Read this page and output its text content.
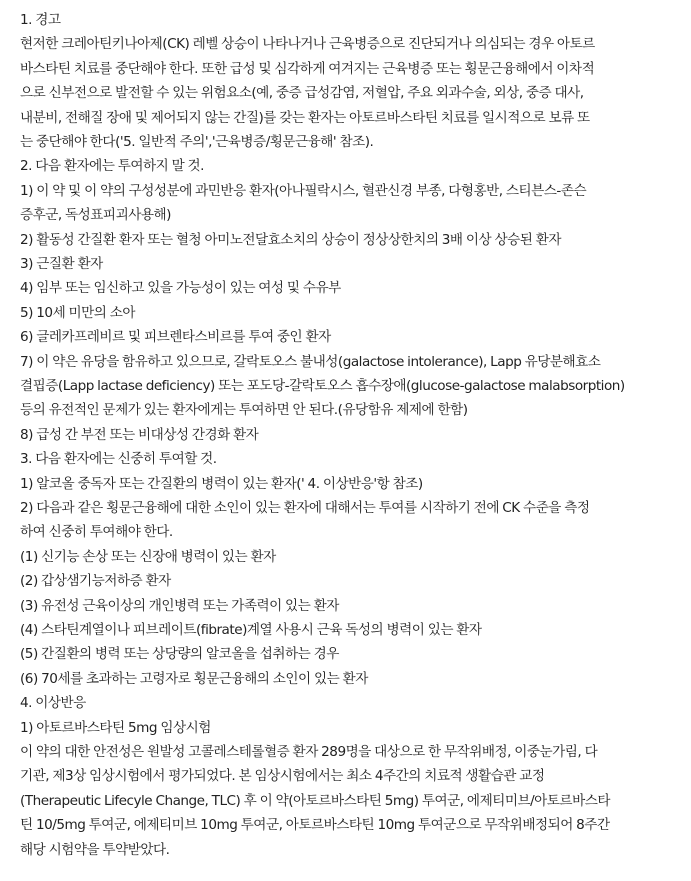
1. 경고
현저한 크레아틴키나아제(CK) 레벨 상승이 나타나거나 근육병증으로 진단되거나 의심되는 경우 아토르
바스타틴 치료를 중단해야 한다. 또한 급성 및 심각하게 여겨지는 근육병증 또는 횡문근융해에서 이차적
으로 신부전으로 발전할 수 있는 위험요소(예, 중증 급성감염, 저혈압, 주요 외과수술, 외상, 중증 대사,
내분비, 전해질 장애 및 제어되지 않는 간질)를 갖는 환자는 아토르바스타틴 치료를 일시적으로 보류 또
는 중단해야 한다('5. 일반적 주의','근육병증/횡문근융해' 참조).
2. 다음 환자에는 투여하지 말 것.
1) 이 약 및 이 약의 구성성분에 과민반응 환자(아나필락시스, 혈관신경 부종, 다형홍반, 스티븐스-존슨
증후군, 독성표피괴사용해)
2) 활동성 간질환 환자 또는 혈청 아미노전달효소치의 상승이 정상상한치의 3배 이상 상승된 환자
3) 근질환 환자
4) 임부 또는 임신하고 있을 가능성이 있는 여성 및 수유부
5) 10세 미만의 소아
6) 글레카프레비르 및 피브렌타스비르를 투여 중인 환자
7) 이 약은 유당을 함유하고 있으므로, 갈락토오스 불내성(galactose intolerance), Lapp 유당분해효소
결핍증(Lapp lactase deficiency) 또는 포도당-갈락토오스 흡수장애(glucose-galactose malabsorption)
등의 유전적인 문제가 있는 환자에게는 투여하면 안 된다.(유당함유 제제에 한함)
8) 급성 간 부전 또는 비대상성 간경화 환자
3. 다음 환자에는 신중히 투여할 것.
1) 알코올 중독자 또는 간질환의 병력이 있는 환자(' 4. 이상반응'항 참조)
2) 다음과 같은 횡문근융해에 대한 소인이 있는 환자에 대해서는 투여를 시작하기 전에 CK 수준을 측정
하여 신중히 투여해야 한다.
(1) 신기능 손상 또는 신장애 병력이 있는 환자
(2) 갑상샘기능저하증 환자
(3) 유전성 근육이상의 개인병력 또는 가족력이 있는 환자
(4) 스타틴계열이나 피브레이트(fibrate)계열 사용시 근육 독성의 병력이 있는 환자
(5) 간질환의 병력 또는 상당량의 알코올을 섭취하는 경우
(6) 70세를 초과하는 고령자로 횡문근융해의 소인이 있는 환자
4. 이상반응
1) 아토르바스타틴 5mg 임상시험
이 약의 대한 안전성은 원발성 고콜레스테롤혈증 환자 289명을 대상으로 한 무작위배정, 이중눈가림, 다
기관, 제3상 임상시험에서 평가되었다. 본 임상시험에서는 최소 4주간의 치료적 생활습관 교정
(Therapeutic Lifecyle Change, TLC) 후 이 약(아토르바스타틴 5mg) 투여군, 에제티미브/아토르바스타
틴 10/5mg 투여군, 에제티미브 10mg 투여군, 아토르바스타틴 10mg 투여군으로 무작위배정되어 8주간
해당 시험약을 투약받았다.
